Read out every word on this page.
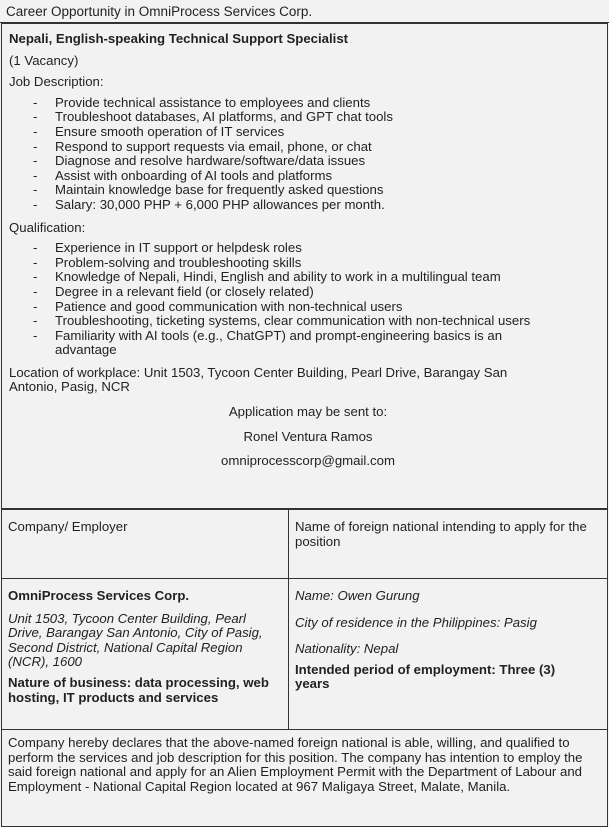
Career Opportunity in OmniProcess Services Corp.

Nepali, English-speaking Technical Support Specialist

(1 Vacancy)

Job Description:

- Provide technical assistance to employees and clients
- Troubleshoot databases, AI platforms, and GPT chat tools
- Ensure smooth operation of IT services
- Respond to support requests via email, phone, or chat
- Diagnose and resolve hardware/software/data issues
- Assist with onboarding of AI tools and platforms
- Maintain knowledge base for frequently asked questions
- Salary: 30,000 PHP + 6,000 PHP allowances per month.

Qualification:

- Experience in IT support or helpdesk roles
- Problem-solving and troubleshooting skills
- Knowledge of Nepali, Hindi, English and ability to work in a multilingual team
- Degree in a relevant field (or closely related)
- Patience and good communication with non-technical users
- Troubleshooting, ticketing systems, clear communication with non-technical users
- Familiarity with AI tools (e.g., ChatGPT) and prompt-engineering basics is an advantage

Location of workplace: Unit 1503, Tycoon Center Building, Pearl Drive, Barangay San Antonio, Pasig, NCR

Application may be sent to:

Ronel Ventura Ramos

omniprocesscorp@gmail.com

Company/ Employer	Name of foreign national intending to apply for the position

OmniProcess Services Corp.

Unit 1503, Tycoon Center Building, Pearl Drive, Barangay San Antonio, City of Pasig, Second District, National Capital Region (NCR), 1600

Nature of business: data processing, web hosting, IT products and services

Name: Owen Gurung

City of residence in the Philippines: Pasig

Nationality: Nepal

Intended period of employment: Three (3) years

Company hereby declares that the above-named foreign national is able, willing, and qualified to perform the services and job description for this position. The company has intention to employ the said foreign national and apply for an Alien Employment Permit with the Department of Labour and Employment - National Capital Region located at 967 Maligaya Street, Malate, Manila.
